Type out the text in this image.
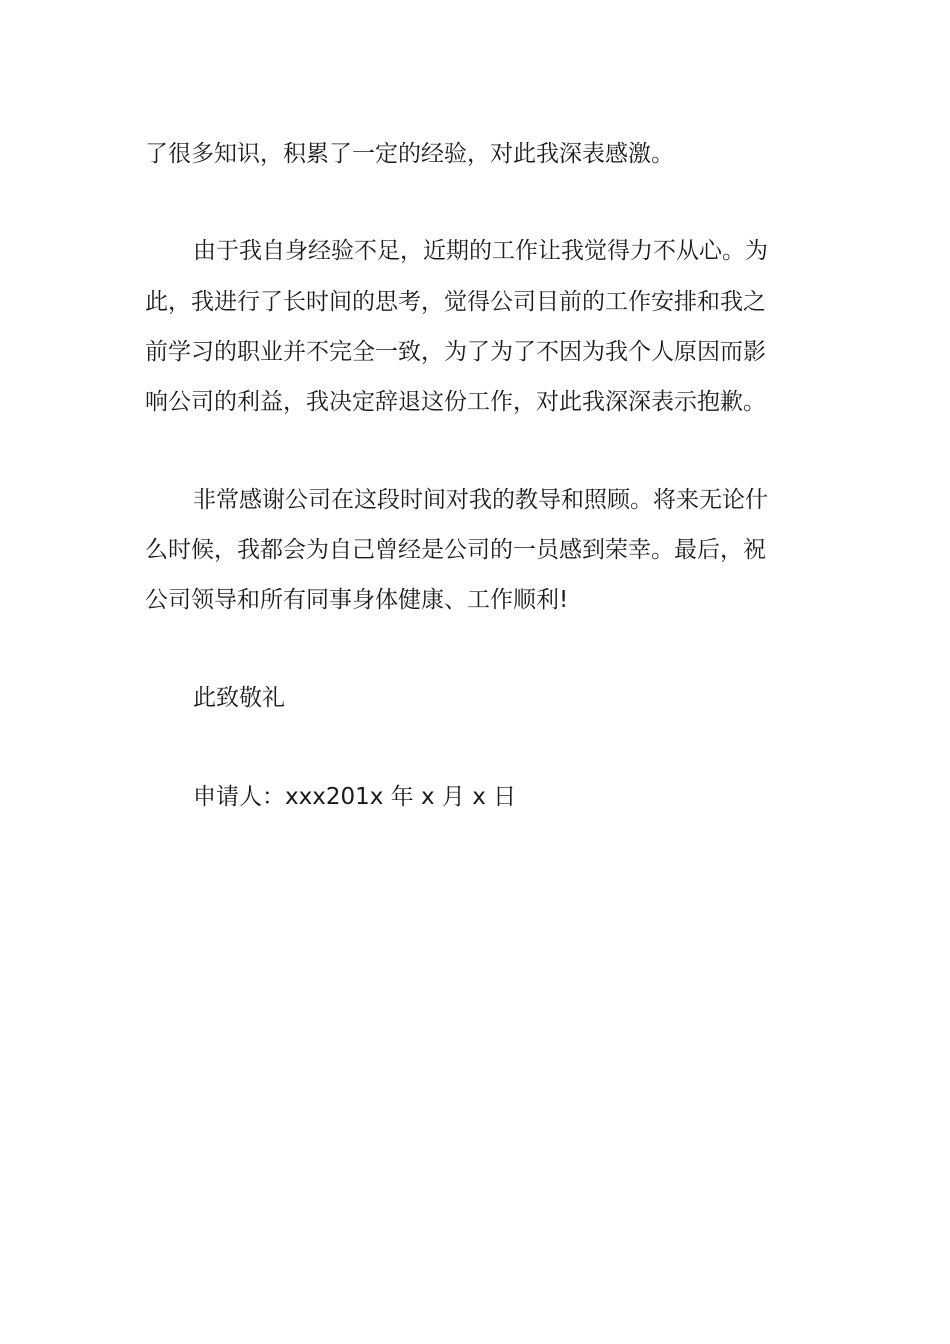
了很多知识，积累了一定的经验，对此我深表感激。

由于我自身经验不足，近期的工作让我觉得力不从心。为

此，我进行了长时间的思考，觉得公司目前的工作安排和我之

前学习的职业并不完全一致，为了为了不因为我个人原因而影

响公司的利益，我决定辞退这份工作，对此我深深表示抱歉。

非常感谢公司在这段时间对我的教导和照顾。将来无论什

么时候，我都会为自己曾经是公司的一员感到荣幸。最后，祝

公司领导和所有同事身体健康、工作顺利!

此致敬礼

申请人：xxx201x 年 x 月 x 日
